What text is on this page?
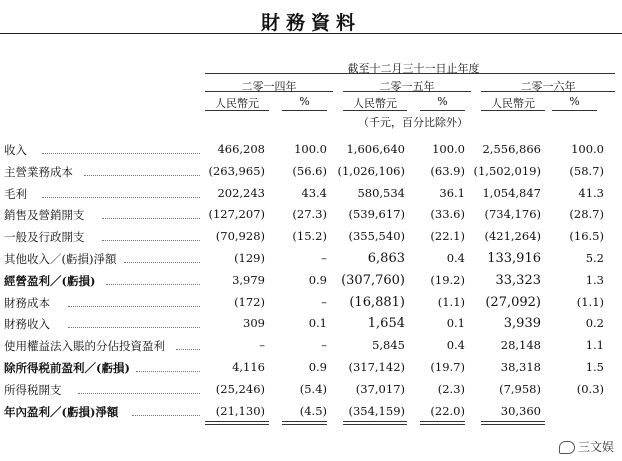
財務資料
截至十二月三十一日止年度
二零一四年	二零一五年	二零一六年
人民幣元	%	人民幣元	%	人民幣元	%
（千元，百分比除外）
收入	466,208	100.0	1,606,640	100.0	2,556,866	100.0
主營業務成本	(263,965)	(56.6) (1,026,106)	(63.9) (1,502,019)	(58.7)
毛利	202,243	43.4	580,534	36.1	1,054,847	41.3
銷售及營銷開支	(127,207)	(27.3)	(539,617)	(33.6)	(734,176)	(28.7)
一般及行政開支	(70,928)	(15.2)	(355,540)	(22.1)	(421,264)	(16.5)
其他收入／(虧損)淨額	(129)	–	6,863	0.4	133,916	5.2
經營盈利／(虧損)	3,979	0.9	(307,760)	(19.2)	33,323	1.3
財務成本	(172)	–	(16,881)	(1.1)	(27,092)	(1.1)
財務收入	309	0.1	1,654	0.1	3,939	0.2
使用權益法入賬的分佔投資盈利	–	–	5,845	0.4	28,148	1.1
除所得税前盈利／(虧損)	4,116	0.9	(317,142)	(19.7)	38,318	1.5
所得税開支	(25,246)	(5.4)	(37,017)	(2.3)	(7,958)	(0.3)
年內盈利／(虧損)淨額	(21,130)	(4.5)	(354,159)	(22.0)	30,360
三文娱
